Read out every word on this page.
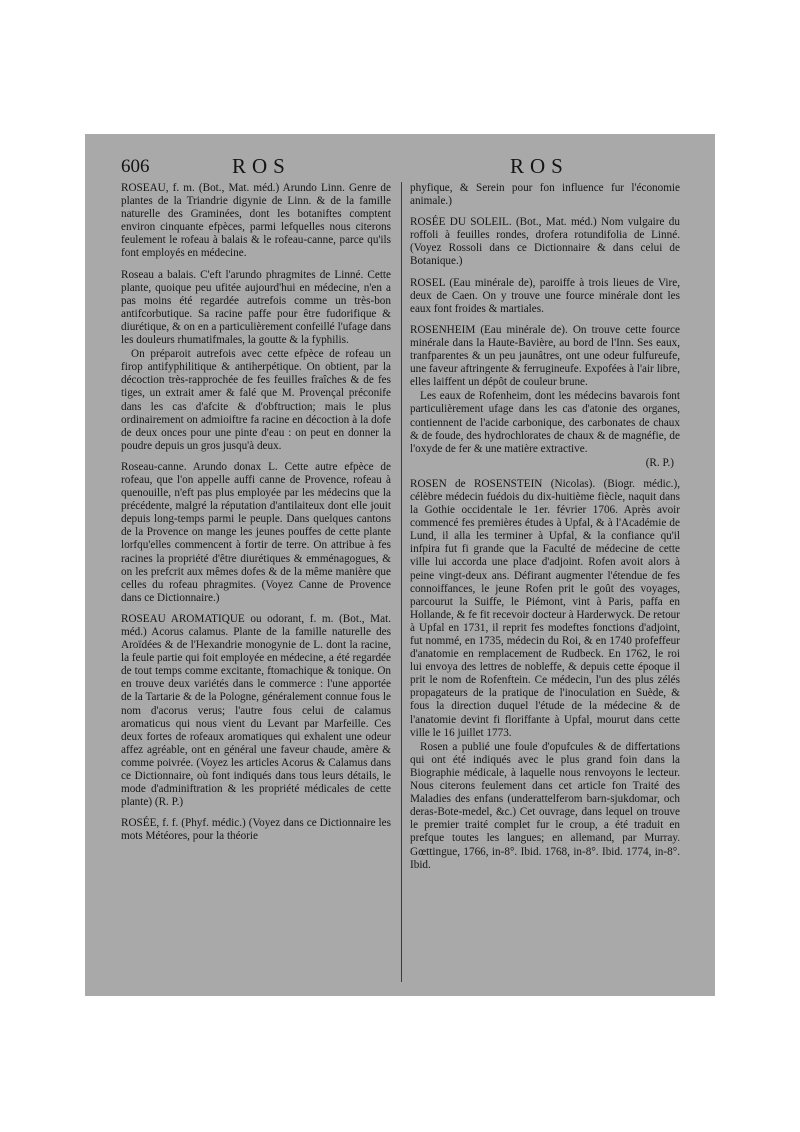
606	ROS	ROS

ROSEAU, f. m. (Bot., Mat. méd.) Arundo Linn. Genre de plantes de la Triandrie digynie de Linn. & de la famille naturelle des Graminées, dont les botaniftes comptent environ cinquante efpèces, parmi lefquelles nous citerons feulement le rofeau à balais & le rofeau-canne, parce qu'ils font employés en médecine.

Roseau a balais. C'eft l'arundo phragmites de Linné. Cette plante, quoique peu ufitée aujourd'hui en médecine, n'en a pas moins été regardée autrefois comme un très-bon antifcorbutique. Sa racine paffe pour être fudorifique & diurétique, & on en a particulièrement confeillé l'ufage dans les douleurs rhumatifmales, la goutte & la fyphilis.

On préparoit autrefois avec cette efpèce de rofeau un firop antifyphilitique & antiherpétique. On obtient, par la décoction très-rapprochée de fes feuilles fraîches & de fes tiges, un extrait amer & falé que M. Provençal préconife dans les cas d'afcite & d'obftruction; mais le plus ordinairement on admioiftre fa racine en décoction à la dofe de deux onces pour une pinte d'eau : on peut en donner la poudre depuis un gros jusqu'à deux.

Roseau-canne. Arundo donax L. Cette autre efpèce de rofeau, que l'on appelle auffi canne de Provence, rofeau à quenouille, n'eft pas plus employée par les médecins que la précédente, malgré la réputation d'antilaiteux dont elle jouit depuis long-temps parmi le peuple. Dans quelques cantons de la Provence on mange les jeunes pouffes de cette plante lorfqu'elles commencent à fortir de terre. On attribue à fes racines la propriété d'être diurétiques & emménagogues, & on les prefcrit aux mêmes dofes & de la même manière que celles du rofeau phragmites. (Voyez Canne de Provence dans ce Dictionnaire.)

ROSEAU AROMATIQUE ou odorant, f. m. (Bot., Mat. méd.) Acorus calamus. Plante de la famille naturelle des Aroïdées & de l'Hexandrie monogynie de L. dont la racine, la feule partie qui foit employée en médecine, a été regardée de tout temps comme excitante, ftomachique & tonique. On en trouve deux variétés dans le commerce : l'une apportée de la Tartarie & de la Pologne, généralement connue fous le nom d'acorus verus; l'autre fous celui de calamus aromaticus qui nous vient du Levant par Marfeille. Ces deux fortes de rofeaux aromatiques qui exhalent une odeur affez agréable, ont en général une faveur chaude, amère & comme poivrée. (Voyez les articles Acorus & Calamus dans ce Dictionnaire, où font indiqués dans tous leurs détails, le mode d'adminiftration & les propriété médicales de cette plante) (R. P.)

ROSÉE, f. f. (Phyf. médic.) (Voyez dans ce Dictionnaire les mots Météores, pour la théorie

phyfique, & Serein pour fon influence fur l'économie animale.)

ROSÉE DU SOLEIL. (Bot., Mat. méd.) Nom vulgaire du roffoli à feuilles rondes, drofera rotundifolia de Linné. (Voyez Rossoli dans ce Dictionnaire & dans celui de Botanique.)

ROSEL (Eau minérale de), paroiffe à trois lieues de Vire, deux de Caen. On y trouve une fource minérale dont les eaux font froides & martiales.

ROSENHEIM (Eau minérale de). On trouve cette fource minérale dans la Haute-Bavière, au bord de l'Inn. Ses eaux, tranfparentes & un peu jaunâtres, ont une odeur fulfureufe, une faveur aftringente & ferrugineufe. Expofées à l'air libre, elles laiffent un dépôt de couleur brune.

Les eaux de Rofenheim, dont les médecins bavarois font particulièrement ufage dans les cas d'atonie des organes, contiennent de l'acide carbonique, des carbonates de chaux & de foude, des hydrochlorates de chaux & de magnéfie, de l'oxyde de fer & une matière extractive.

(R. P.)

ROSEN de ROSENSTEIN (Nicolas). (Biogr. médic.), célèbre médecin fuédois du dix-huitième fiècle, naquit dans la Gothie occidentale le 1er. février 1706. Après avoir commencé fes premières études à Upfal, & à l'Académie de Lund, il alla les terminer à Upfal, & la confiance qu'il infpira fut fi grande que la Faculté de médecine de cette ville lui accorda une place d'adjoint. Rofen avoit alors à peine vingt-deux ans. Défirant augmenter l'étendue de fes connoiffances, le jeune Rofen prit le goût des voyages, parcourut la Suiffe, le Piémont, vint à Paris, paffa en Hollande, & fe fit recevoir docteur à Harderwyck. De retour à Upfal en 1731, il reprit fes modeftes fonctions d'adjoint, fut nommé, en 1735, médecin du Roi, & en 1740 profeffeur d'anatomie en remplacement de Rudbeck. En 1762, le roi lui envoya des lettres de nobleffe, & depuis cette époque il prit le nom de Rofenftein. Ce médecin, l'un des plus zélés propagateurs de la pratique de l'inoculation en Suède, & fous la direction duquel l'étude de la médecine & de l'anatomie devint fi floriffante à Upfal, mourut dans cette ville le 16 juillet 1773.

Rosen a publié une foule d'opufcules & de differtations qui ont été indiqués avec le plus grand foin dans la Biographie médicale, à laquelle nous renvoyons le lecteur. Nous citerons feulement dans cet article fon Traité des Maladies des enfans (underattelferom barn-sjukdomar, och deras-Bote-medel, &c.) Cet ouvrage, dans lequel on trouve le premier traité complet fur le croup, a été traduit en prefque toutes les langues; en allemand, par Murray. Gœttingue, 1766, in-8°. Ibid. 1768, in-8°. Ibid. 1774, in-8°. Ibid.
